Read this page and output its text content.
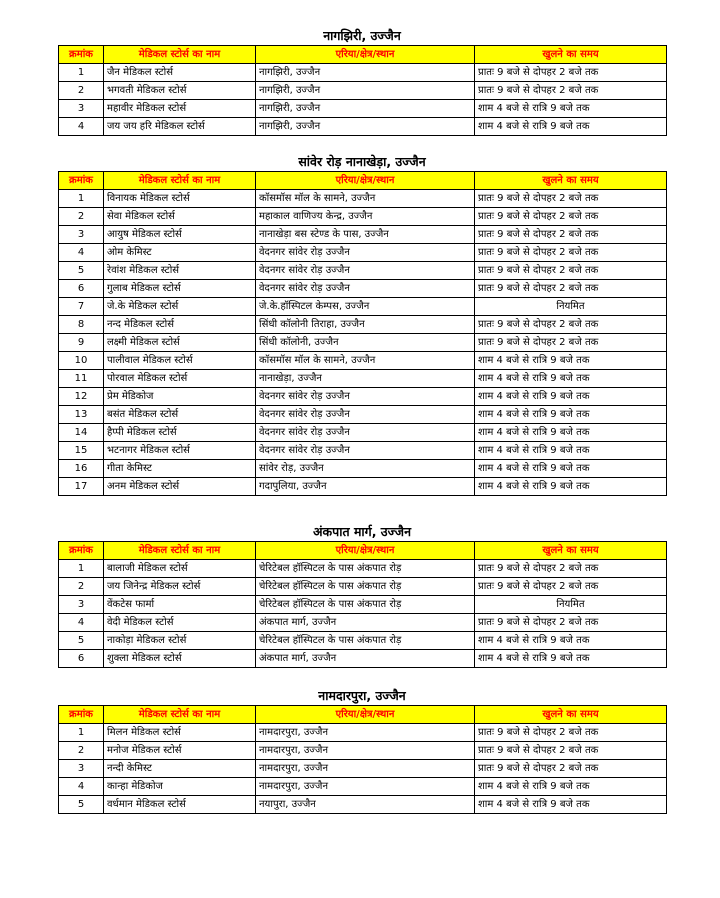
नागझिरी, उज्जैन
क्रमांक	मेडिकल स्टोर्स का नाम	एरिया/क्षेत्र/स्थान	खुलने का समय
1	जैन मेडिकल स्टोर्स	नागझिरी, उज्जैन	प्रातः 9 बजे से दोपहर 2 बजे तक
2	भगवती मेडिकल स्टोर्स	नागझिरी, उज्जैन	प्रातः 9 बजे से दोपहर 2 बजे तक
3	महावीर मेडिकल स्टोर्स	नागझिरी, उज्जैन	शाम 4 बजे से रात्रि 9 बजे तक
4	जय जय हरि मेडिकल स्टोर्स	नागझिरी, उज्जैन	शाम 4 बजे से रात्रि 9 बजे तक
सांवेर रोड़ नानाखेड़ा, उज्जैन
क्रमांक	मेडिकल स्टोर्स का नाम	एरिया/क्षेत्र/स्थान	खुलने का समय
1	विनायक मेडिकल स्टोर्स	कॉसमॉस मॉल के सामने, उज्जैन	प्रातः 9 बजे से दोपहर 2 बजे तक
2	सेवा मेडिकल स्टोर्स	महाकाल वाणिज्य केन्द्र, उज्जैन	प्रातः 9 बजे से दोपहर 2 बजे तक
3	आयुष मेडिकल स्टोर्स	नानाखेड़ा बस स्टेण्ड के पास, उज्जैन	प्रातः 9 बजे से दोपहर 2 बजे तक
4	ओम केमिस्ट	वेदनगर सांवेर रोड़ उज्जैन	प्रातः 9 बजे से दोपहर 2 बजे तक
5	रेवांश मेडिकल स्टोर्स	वेदनगर सांवेर रोड़ उज्जैन	प्रातः 9 बजे से दोपहर 2 बजे तक
6	गुलाब मेडिकल स्टोर्स	वेदनगर सांवेर रोड़ उज्जैन	प्रातः 9 बजे से दोपहर 2 बजे तक
7	जे.के मेडिकल स्टोर्स	जे.के.हॉस्पिटल केम्पस, उज्जैन	नियमित
8	नन्द मेडिकल स्टोर्स	सिंधी कॉलोनी तिराहा, उज्जैन	प्रातः 9 बजे से दोपहर 2 बजे तक
9	लक्ष्मी मेडिकल स्टोर्स	सिंधी कॉलोनी, उज्जैन	प्रातः 9 बजे से दोपहर 2 बजे तक
10	पालीवाल मेडिकल स्टोर्स	कॉसमॉस मॉल के सामने, उज्जैन	शाम 4 बजे से रात्रि 9 बजे तक
11	पोरवाल मेडिकल स्टोर्स	नानाखेड़ा, उज्जैन	शाम 4 बजे से रात्रि 9 बजे तक
12	प्रेम मेडिकोज	वेदनगर सांवेर रोड़ उज्जैन	शाम 4 बजे से रात्रि 9 बजे तक
13	बसंत मेडिकल स्टोर्स	वेदनगर सांवेर रोड़ उज्जैन	शाम 4 बजे से रात्रि 9 बजे तक
14	हैप्पी मेडिकल स्टोर्स	वेदनगर सांवेर रोड़ उज्जैन	शाम 4 बजे से रात्रि 9 बजे तक
15	भटनागर मेडिकल स्टोर्स	वेदनगर सांवेर रोड़ उज्जैन	शाम 4 बजे से रात्रि 9 बजे तक
16	गीता केमिस्ट	सांवेर रोड़, उज्जैन	शाम 4 बजे से रात्रि 9 बजे तक
17	अनम मेडिकल स्टोर्स	गदापुलिया, उज्जैन	शाम 4 बजे से रात्रि 9 बजे तक
अंकपात मार्ग, उज्जैन
क्रमांक	मेडिकल स्टोर्स का नाम	एरिया/क्षेत्र/स्थान	खुलने का समय
1	बालाजी मेडिकल स्टोर्स	चेरिटेबल हॉस्पिटल के पास अंकपात रोड़	प्रातः 9 बजे से दोपहर 2 बजे तक
2	जय जिनेन्द्र मेडिकल स्टोर्स	चेरिटेबल हॉस्पिटल के पास अंकपात रोड़	प्रातः 9 बजे से दोपहर 2 बजे तक
3	वेंकटेस फार्मा	चेरिटेबल हॉस्पिटल के पास अंकपात रोड़	नियमित
4	वेदी मेडिकल स्टोर्स	अंकपात मार्ग, उज्जैन	प्रातः 9 बजे से दोपहर 2 बजे तक
5	नाकोड़ा मेडिकल स्टोर्स	चेरिटेबल हॉस्पिटल के पास अंकपात रोड़	शाम 4 बजे से रात्रि 9 बजे तक
6	शुक्ला मेडिकल स्टोर्स	अंकपात मार्ग, उज्जैन	शाम 4 बजे से रात्रि 9 बजे तक
नामदारपुरा, उज्जैन
क्रमांक	मेडिकल स्टोर्स का नाम	एरिया/क्षेत्र/स्थान	खुलने का समय
1	मिलन मेडिकल स्टोर्स	नामदारपुरा, उज्जैन	प्रातः 9 बजे से दोपहर 2 बजे तक
2	मनोज मेडिकल स्टोर्स	नामदारपुरा, उज्जैन	प्रातः 9 बजे से दोपहर 2 बजे तक
3	नन्दी केमिस्ट	नामदारपुरा, उज्जैन	प्रातः 9 बजे से दोपहर 2 बजे तक
4	कान्हा मेडिकोज	नामदारपुरा, उज्जैन	शाम 4 बजे से रात्रि 9 बजे तक
5	वर्धमान मेडिकल स्टोर्स	नयापुरा, उज्जैन	शाम 4 बजे से रात्रि 9 बजे तक
